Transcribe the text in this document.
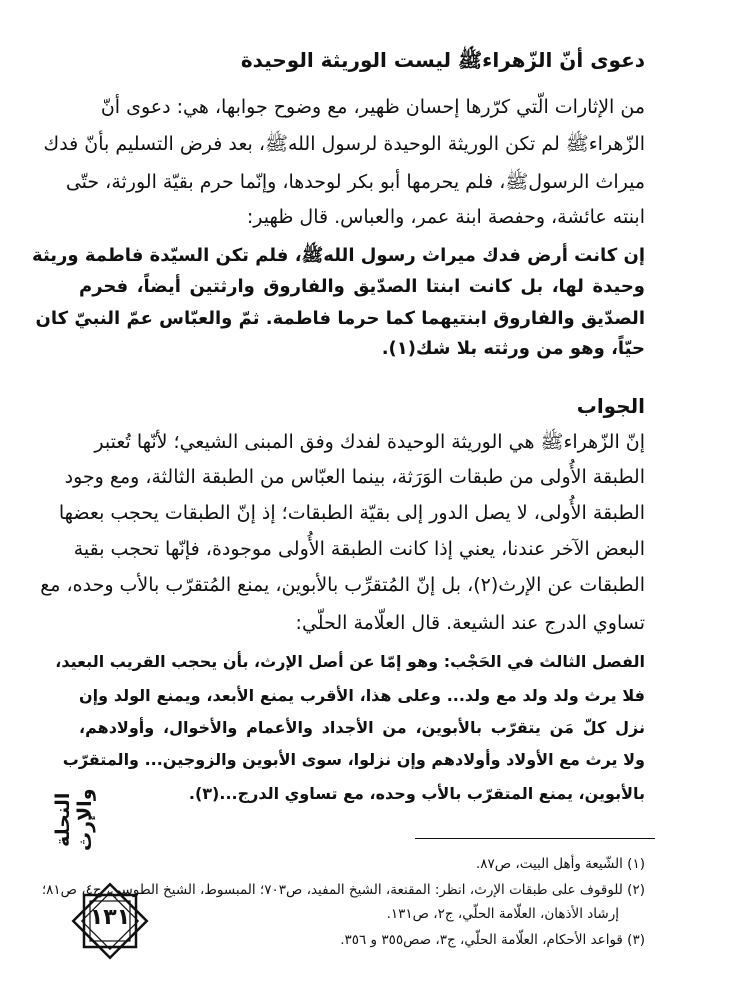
دعوى أنّ الزّهراءﷺ ليست الوريثة الوحيدة
من الإثارات الّتي كرّرها إحسان ظهير، مع وضوح جوابها، هي: دعوى أنّ
الزّهراءﷺ لم تكن الوريثة الوحيدة لرسول اللهﷺ، بعد فرض التسليم بأنّ فدك
ميراث الرسولﷺ، فلم يحرمها أبو بكر لوحدها، وإنّما حرم بقيّة الورثة، حتّى
ابنته عائشة، وحفصة ابنة عمر، والعباس. قال ظهير:
إن كانت أرض فدك ميراث رسول اللهﷺ، فلم تكن السيّدة فاطمة وريثة
وحيدة لها، بل كانت ابنتا الصدّيق والفاروق وارثتين أيضاً، فحرم
الصدّيق والفاروق ابنتيهما كما حرما فاطمة. ثمّ والعبّاس عمّ النبيّ كان
حيّاً، وهو من ورثته بلا شك(١).
الجواب
إنّ الزّهراءﷺ هي الوريثة الوحيدة لفدك وفق المبنى الشيعي؛ لأنّها تُعتبر
الطبقة الأُولى من طبقات الوَرَثة، بينما العبّاس من الطبقة الثالثة، ومع وجود
الطبقة الأُولى، لا يصل الدور إلى بقيّة الطبقات؛ إذ إنّ الطبقات يحجب بعضها
البعض الآخر عندنا، يعني إذا كانت الطبقة الأُولى موجودة، فإنّها تحجب بقية
الطبقات عن الإرث(٢)، بل إنّ المُتقرِّب بالأبوين، يمنع المُتقرّب بالأب وحده، مع
تساوي الدرج عند الشيعة. قال العلّامة الحلّي:
الفصل الثالث في الحَجْب: وهو إمّا عن أصل الإرث، بأن يحجب القريب البعيد،
فلا يرث ولد ولد مع ولد... وعلى هذا، الأقرب يمنع الأبعد، ويمنع الولد وإن
نزل كلّ مَن يتقرّب بالأبوين، من الأجداد والأعمام والأخوال، وأولادهم،
ولا يرث مع الأولاد وأولادهم وإن نزلوا، سوى الأبوين والزوجين... والمتقرّب
بالأبوين، يمنع المتقرّب بالأب وحده، مع تساوي الدرج...(٣).
(١) الشّيعة وأهل البيت، ص٨٧.
(٢) للوقوف على طبقات الإرث، انظر: المقنعة، الشيخ المفيد، ص٧٠٣؛ المبسوط، الشيخ الطوسي، ج٤، ص٨١؛
إرشاد الأذهان، العلّامة الحلّي، ج٢، ص١٣١.
(٣) قواعد الأحكام، العلّامة الحلّي، ج٣، صص٣٥٥ و ٣٥٦.
النحلة والإرث
١٣١
